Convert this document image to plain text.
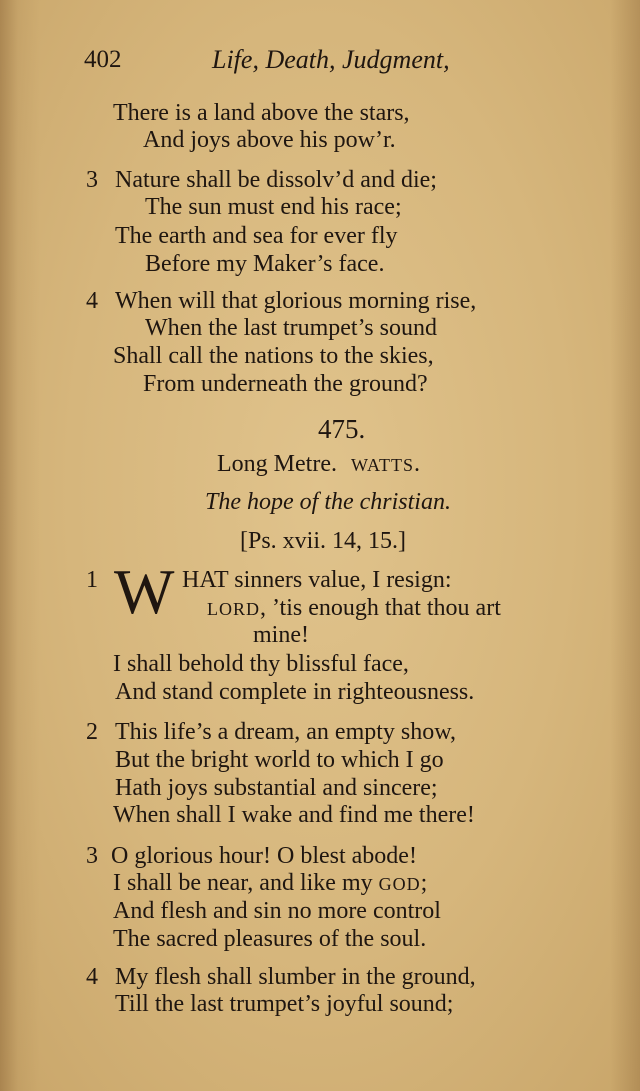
402	Life, Death, Judgment,
There is a land above the stars,
And joys above his pow’r.
3 Nature shall be dissolv’d and die;
The sun must end his race;
The earth and sea for ever fly
Before my Maker’s face.
4 When will that glorious morning rise,
When the last trumpet’s sound
Shall call the nations to the skies,
From underneath the ground?
475.
Long Metre. WATTS.
The hope of the christian.
[Ps. xvii. 14, 15.]
1 W HAT sinners value, I resign:
LORD, ’tis enough that thou art
mine!
I shall behold thy blissful face,
And stand complete in righteousness.
2 This life’s a dream, an empty show,
But the bright world to which I go
Hath joys substantial and sincere;
When shall I wake and find me there!
3 O glorious hour! O blest abode!
I shall be near, and like my GOD;
And flesh and sin no more control
The sacred pleasures of the soul.
4 My flesh shall slumber in the ground,
Till the last trumpet’s joyful sound;
